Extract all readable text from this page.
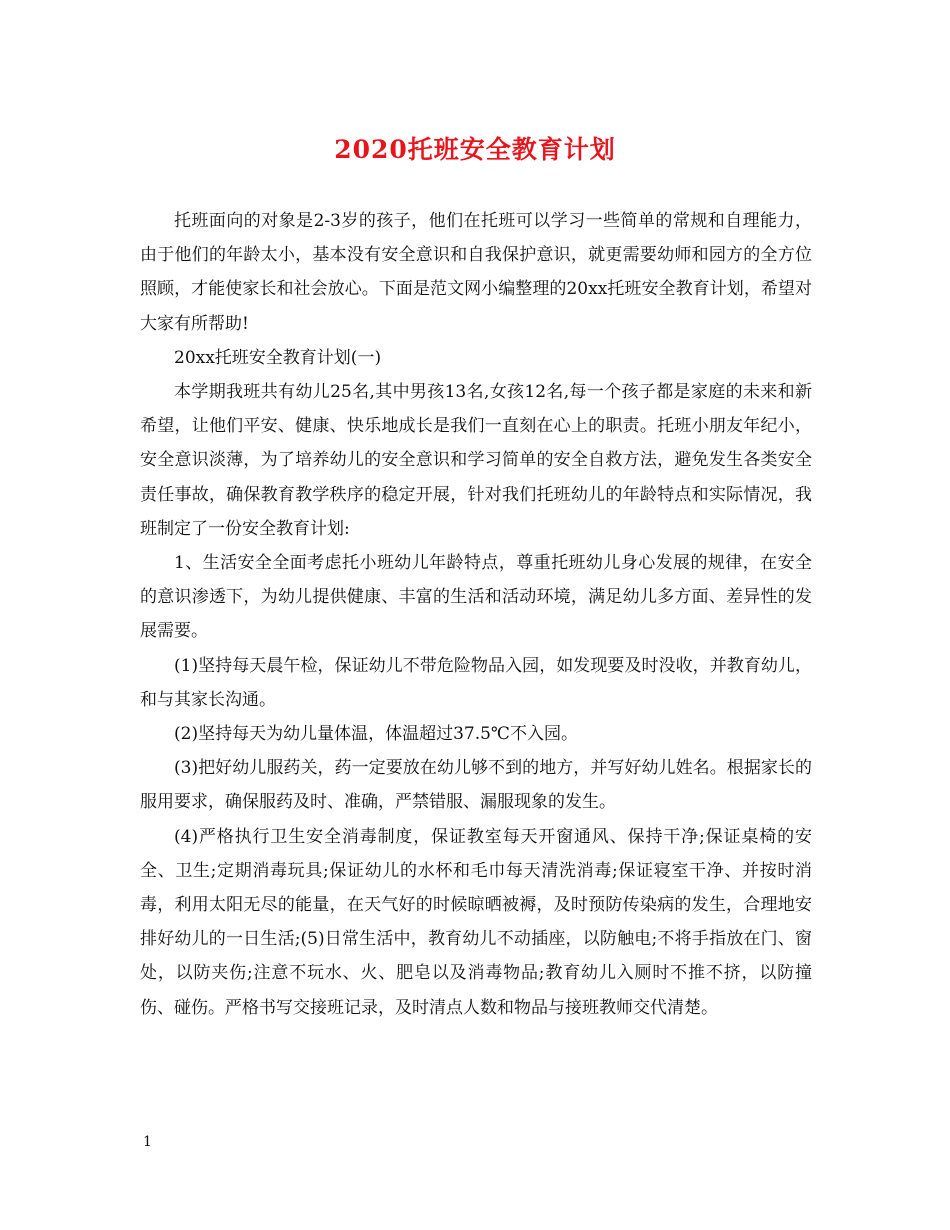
2020托班安全教育计划

托班面向的对象是2-3岁的孩子，他们在托班可以学习一些简单的常规和自理能力，由于他们的年龄太小，基本没有安全意识和自我保护意识，就更需要幼师和园方的全方位照顾，才能使家长和社会放心。下面是范文网小编整理的20xx托班安全教育计划，希望对大家有所帮助!

20xx托班安全教育计划(一)

本学期我班共有幼儿25名,其中男孩13名,女孩12名,每一个孩子都是家庭的未来和新希望，让他们平安、健康、快乐地成长是我们一直刻在心上的职责。托班小朋友年纪小，安全意识淡薄，为了培养幼儿的安全意识和学习简单的安全自救方法，避免发生各类安全责任事故，确保教育教学秩序的稳定开展，针对我们托班幼儿的年龄特点和实际情况，我班制定了一份安全教育计划:

1、生活安全全面考虑托小班幼儿年龄特点，尊重托班幼儿身心发展的规律，在安全的意识渗透下，为幼儿提供健康、丰富的生活和活动环境，满足幼儿多方面、差异性的发展需要。

(1)坚持每天晨午检，保证幼儿不带危险物品入园，如发现要及时没收，并教育幼儿，和与其家长沟通。

(2)坚持每天为幼儿量体温，体温超过37.5℃不入园。

(3)把好幼儿服药关，药一定要放在幼儿够不到的地方，并写好幼儿姓名。根据家长的服用要求，确保服药及时、准确，严禁错服、漏服现象的发生。

(4)严格执行卫生安全消毒制度，保证教室每天开窗通风、保持干净;保证桌椅的安全、卫生;定期消毒玩具;保证幼儿的水杯和毛巾每天清洗消毒;保证寝室干净、并按时消毒，利用太阳无尽的能量，在天气好的时候晾晒被褥，及时预防传染病的发生，合理地安排好幼儿的一日生活;(5)日常生活中，教育幼儿不动插座，以防触电;不将手指放在门、窗处，以防夹伤;注意不玩水、火、肥皂以及消毒物品;教育幼儿入厕时不推不挤，以防撞伤、碰伤。严格书写交接班记录，及时清点人数和物品与接班教师交代清楚。

1
